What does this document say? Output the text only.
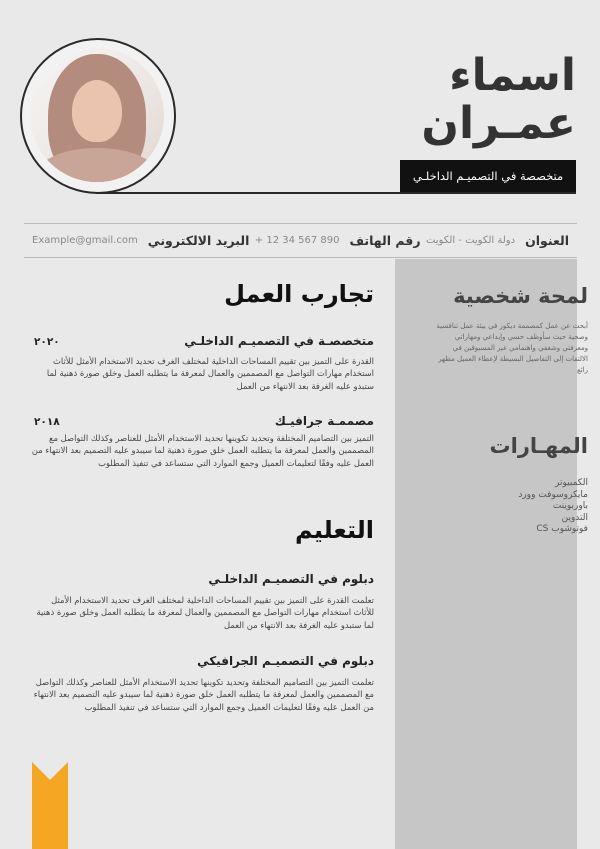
اسماء
عمـران
متخصصة في التصميـم الداخلـي
العنوان
دولة الكويت - الكويت
رقم الهاتف
+ 12 34 567 890
البريد الالكتروني
Example@gmail.com
لمحة شخصية
أبحث عن عمل كمصممة ديكور في بيئة عمل تنافسية وصحية حيث سأوظف حسي وإبداعي ومهاراتي ومعرفتي وشغفي واهتمامي غير المسبوقين في الالتفات إلى التفاصيل البسيطة لإعطاء العميل مظهر رائع
المهـارات
الكمبيوتر
مايكروسوفت وورد
باوربوينت
التدوين
فوتوشوب CS
تجارب العمل
متخصصـة في التصميـم الداخلـي
٢٠٢٠
القدرة على التميز بين تقييم المساحات الداخلية لمختلف الغرف تحديد الاستخدام الأمثل للأثاث استخدام مهارات التواصل مع المصممين والعمال لمعرفة ما يتطلبه العمل وخلق صورة ذهنية لما ستبدو عليه الغرفة بعد الانتهاء من العمل
مصممـة جرافيـك
٢٠١٨
التميز بين التصاميم المختلفة وتحديد تكوينها تحديد الاستخدام الأمثل للعناصر وكذلك التواصل مع المصممين والعمل لمعرفة ما يتطلبه العمل خلق صورة ذهنية لما سيبدو عليه التصميم بعد الانتهاء من العمل عليه وفقًا لتعليمات العميل وجمع الموارد التي ستساعد في تنفيذ المطلوب
التعليم
دبلوم في التصميـم الداخلـي
تعلمت القدرة على التميز بين تقييم المساحات الداخلية لمختلف الغرف تحديد الاستخدام الأمثل للأثاث استخدام مهارات التواصل مع المصممين والعمال لمعرفة ما يتطلبه العمل وخلق صورة ذهنية لما ستبدو عليه الغرفة بعد الانتهاء من العمل
دبلوم في التصميـم الجرافيكي
تعلمت التميز بين التصاميم المختلفة وتحديد تكوينها تحديد الاستخدام الأمثل للعناصر وكذلك التواصل مع المصممين والعمل لمعرفة ما يتطلبه العمل خلق صورة ذهنية لما سيبدو عليه التصميم بعد الانتهاء من العمل عليه وفقًا لتعليمات العميل وجمع الموارد التي ستساعد في تنفيذ المطلوب
